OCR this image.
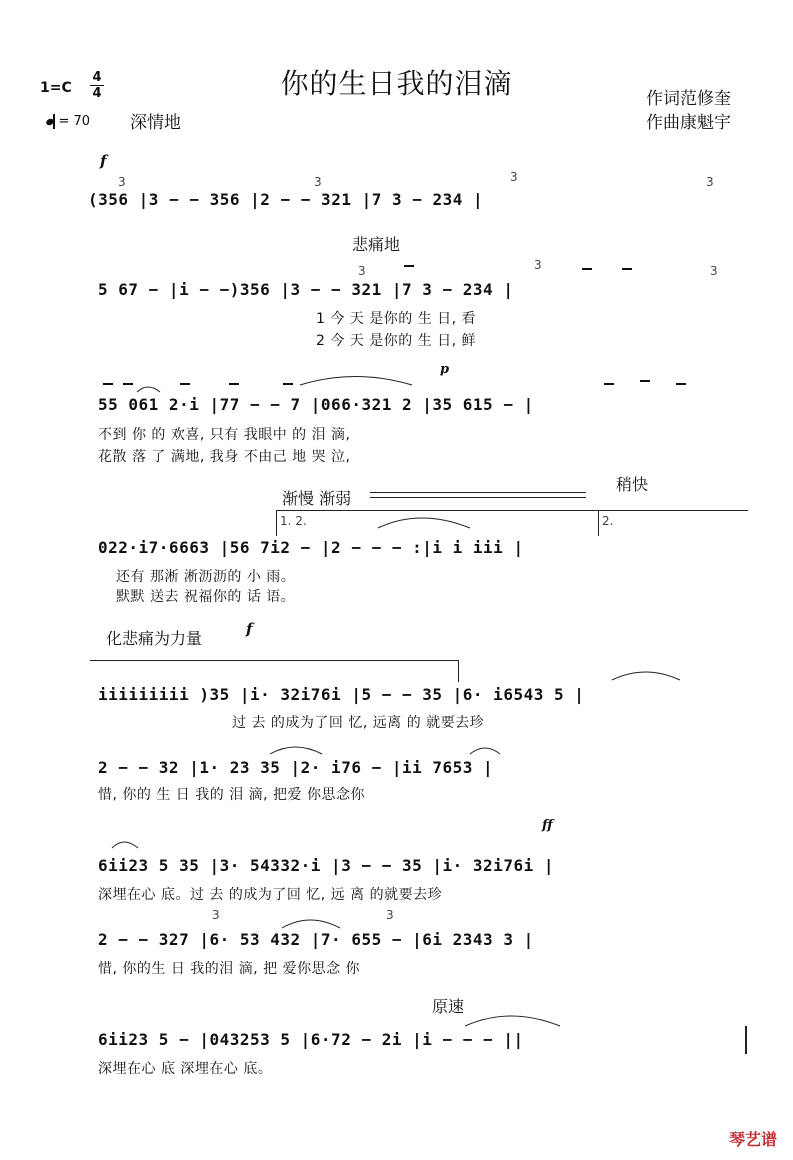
你的生日我的泪滴
1=C
4
4
= 70 深情地
作词范修奎
作曲康魁宇
f
悲痛地
p
渐慢 渐弱
稍快
1. 2.	2.
化悲痛为力量	f
ff
原速
3	3	3	3
3	3	3
3	3
(356 |3 − − 356 |2 − − 321 |7 3 − 234 |
5 67 − |i − −)356 |3 − − 321 |7 3 − 234 |
1 今 天 是你的 生 日, 看
2 今 天 是你的 生 日, 鲜
55 061 2·i |77 − − 7 |066·321 2 |35 615 − |
不到 你 的 欢喜, 只有 我眼中 的 泪 滴,
花散 落 了 满地, 我身 不由己 地 哭 泣,
022·i7·6663 |56 7i2 − |2 − − − :|i i iii |
还有 那淅 淅沥沥的 小 雨。
默默 送去 祝福你的 话 语。
iiiiiiiii )35 |i· 32i76i |5 − − 35 |6· i6543 5 |
过 去 的成为了回 忆, 远离 的 就要去珍
2 − − 32 |1· 23 35 |2· i76 − |ii 7653 |
惜, 你的 生 日 我的 泪 滴, 把爱 你思念你
6ii23 5 35 |3· 54332·i |3 − − 35 |i· 32i76i |
深埋在心 底。过 去 的成为了回 忆, 远 离 的就要去珍
2 − − 327 |6· 53 432 |7· 655 − |6i 2343 3 |
惜, 你的生 日 我的泪 滴, 把 爱你思念 你
6ii23 5 − |043253 5 |6·72 − 2i |i − − − ||
深埋在心 底 深埋在心 底。
琴艺谱
